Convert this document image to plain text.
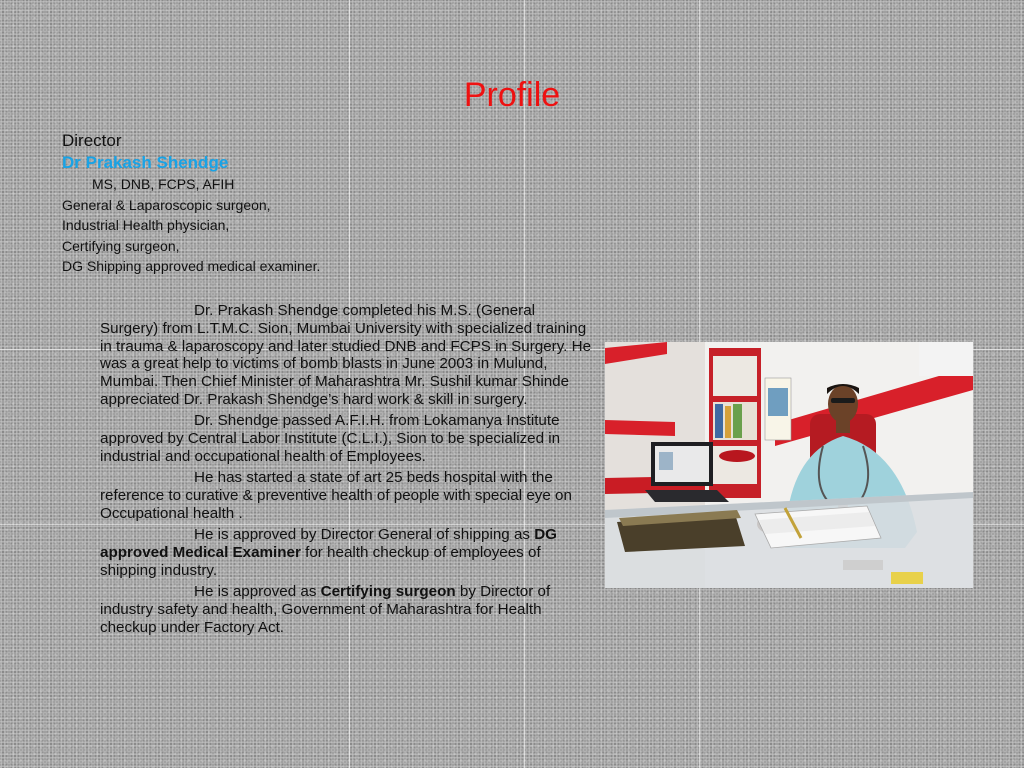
Profile
Director
Dr Prakash Shendge
MS, DNB, FCPS, AFIH
General & Laparoscopic surgeon,
Industrial Health physician,
Certifying surgeon,
DG Shipping approved medical examiner.

Dr. Prakash Shendge completed his M.S. (General Surgery) from L.T.M.C. Sion, Mumbai University with specialized training in trauma & laparoscopy and later studied DNB and FCPS in Surgery. He was a great help to victims of bomb blasts in June 2003 in Mulund, Mumbai. Then Chief Minister of Maharashtra Mr. Sushil kumar Shinde appreciated Dr. Prakash Shendge’s hard work & skill in surgery.

Dr. Shendge passed A.F.I.H. from Lokamanya Institute approved by Central Labor Institute (C.L.I.), Sion to be specialized in industrial and occupational health of Employees.

He has started a state of art 25 beds hospital with the reference to curative & preventive health of people with special eye on Occupational health .

He is approved by Director General of shipping as DG approved Medical Examiner for health checkup of employees of shipping industry.

He is approved as Certifying surgeon by Director of industry safety and health, Government of Maharashtra for Health checkup under Factory Act.
